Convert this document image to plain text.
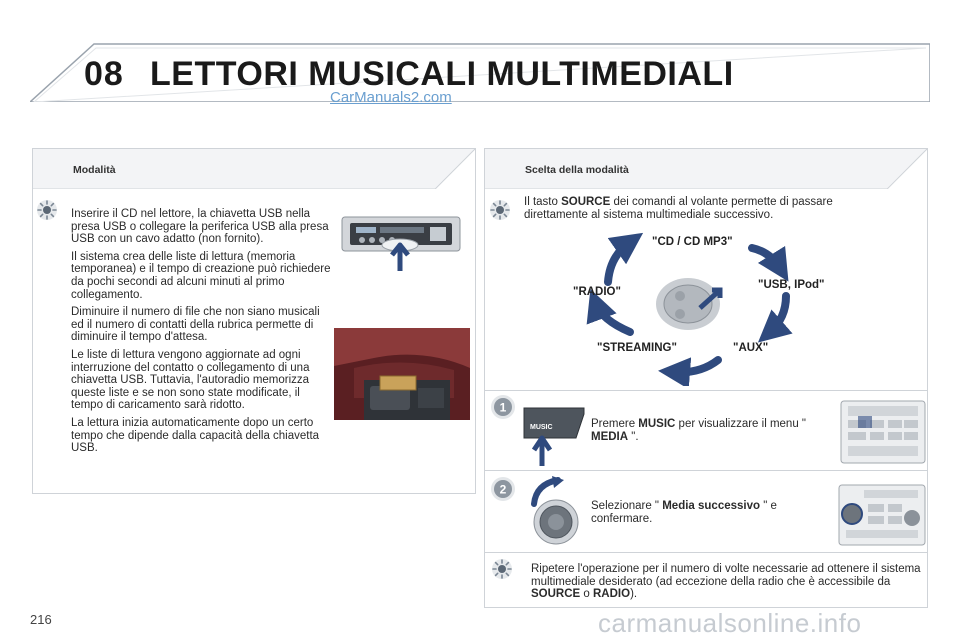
08 LETTORI MUSICALI MULTIMEDIALI
CarManuals2.com
Modalità

Inserire il CD nel lettore, la chiavetta USB nella presa USB o collegare la periferica USB alla presa USB con un cavo adatto (non fornito).

Il sistema crea delle liste di lettura (memoria temporanea) e il tempo di creazione può richiedere da pochi secondi ad alcuni minuti al primo collegamento.

Diminuire il numero di file che non siano musicali ed il numero di contatti della rubrica permette di diminuire il tempo d'attesa.

Le liste di lettura vengono aggiornate ad ogni interruzione del contatto o collegamento di una chiavetta USB. Tuttavia, l'autoradio memorizza queste liste e se non sono state modificate, il tempo di caricamento sarà ridotto.

La lettura inizia automaticamente dopo un certo tempo che dipende dalla capacità della chiavetta USB.

Scelta della modalità
Il tasto SOURCE dei comandi al volante permette di passare direttamente al sistema multimediale successivo.
"CD / CD MP3"
"USB, IPod"
"RADIO"
"AUX"
"STREAMING"
1
MUSIC	Premere MUSIC per visualizzare il menu " MEDIA ".
2
Selezionare " Media successivo " e confermare.
Ripetere l'operazione per il numero di volte necessarie ad ottenere il sistema multimediale desiderato (ad eccezione della radio che è accessibile da SOURCE o RADIO).
216	carmanualsonline.info
